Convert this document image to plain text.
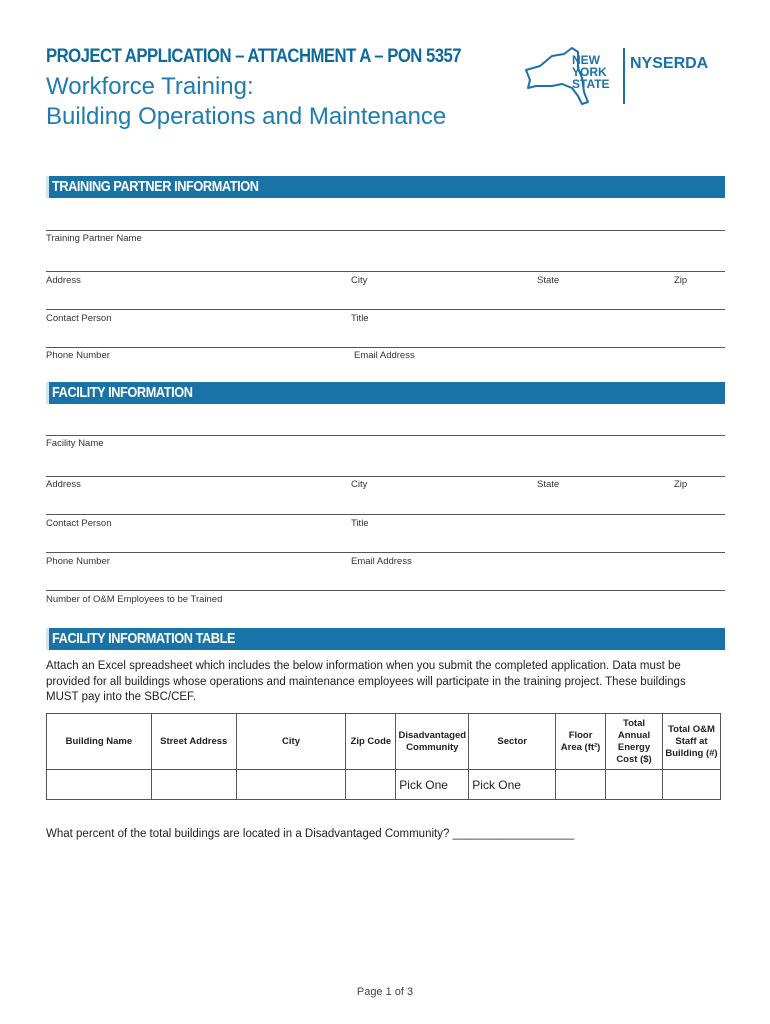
PROJECT APPLICATION – ATTACHMENT A – PON 5357
Workforce Training:
Building Operations and Maintenance
NEW
YORK
STATE
NYSERDA
TRAINING PARTNER INFORMATION
Training Partner Name
Address	City	State	Zip
Contact Person	Title
Phone Number	Email Address
FACILITY INFORMATION
Facility Name
Address	City	State	Zip
Contact Person	Title
Phone Number	Email Address
Number of O&M Employees to be Trained
FACILITY INFORMATION TABLE
Attach an Excel spreadsheet which includes the below information when you submit the completed application. Data must be provided for all buildings whose operations and maintenance employees will participate in the training project. These buildings MUST pay into the SBC/CEF.
Building Name	Street Address	City	Zip Code	Disadvantaged Community	Sector	Floor Area (ft²)	Total Annual Energy Cost ($)	Total O&M Staff at Building (#)
				Pick One	Pick One			
What percent of the total buildings are located in a Disadvantaged Community? ___________________
Page 1 of 3
